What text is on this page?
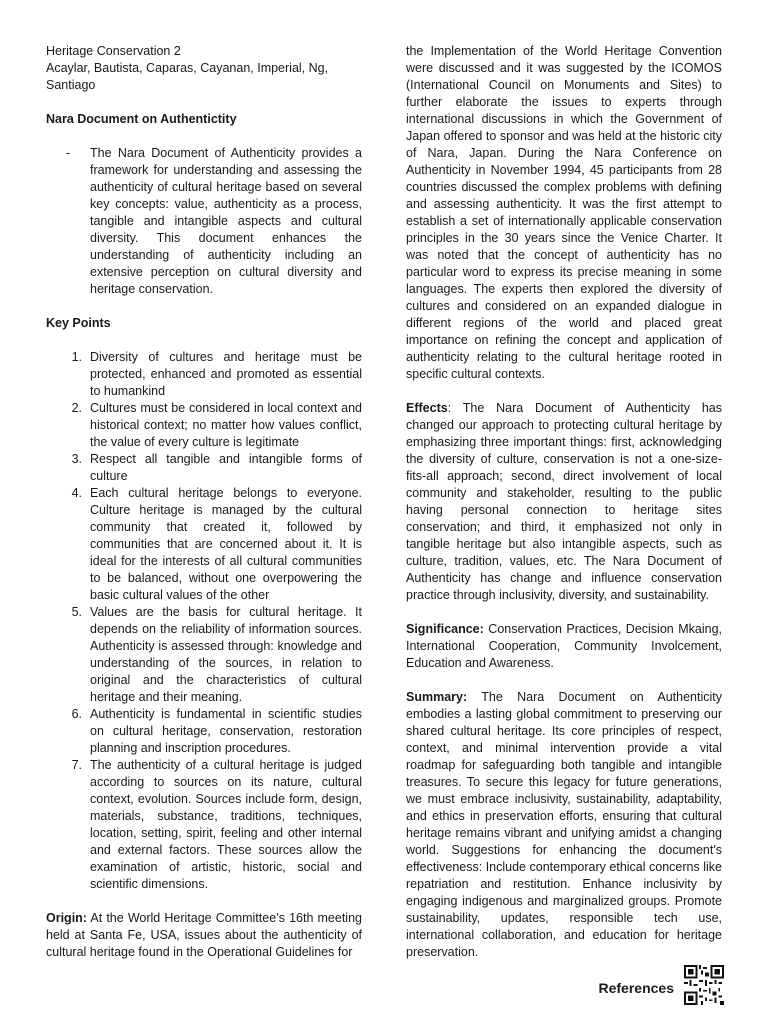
Heritage Conservation 2

Acaylar, Bautista, Caparas, Cayanan, Imperial, Ng, Santiago

Nara Document on Authentictity

-	The Nara Document of Authenticity provides a framework for understanding and assessing the authenticity of cultural heritage based on several key concepts: value, authenticity as a process, tangible and intangible aspects and cultural diversity. This document enhances the understanding of authenticity including an extensive perception on cultural diversity and heritage conservation.

Key Points

1. Diversity of cultures and heritage must be protected, enhanced and promoted as essential to humankind
2. Cultures must be considered in local context and historical context; no matter how values conflict, the value of every culture is legitimate
3. Respect all tangible and intangible forms of culture
4. Each cultural heritage belongs to everyone. Culture heritage is managed by the cultural community that created it, followed by communities that are concerned about it. It is ideal for the interests of all cultural communities to be balanced, without one overpowering the basic cultural values of the other
5. Values are the basis for cultural heritage. It depends on the reliability of information sources. Authenticity is assessed through: knowledge and understanding of the sources, in relation to original and the characteristics of cultural heritage and their meaning.
6. Authenticity is fundamental in scientific studies on cultural heritage, conservation, restoration planning and inscription procedures.
7. The authenticity of a cultural heritage is judged according to sources on its nature, cultural context, evolution. Sources include form, design, materials, substance, traditions, techniques, location, setting, spirit, feeling and other internal and external factors. These sources allow the examination of artistic, historic, social and scientific dimensions.

Origin: At the World Heritage Committee’s 16th meeting held at Santa Fe, USA, issues about the authenticity of cultural heritage found in the Operational Guidelines for

the Implementation of the World Heritage Convention were discussed and it was suggested by the ICOMOS (International Council on Monuments and Sites) to further elaborate the issues to experts through international discussions in which the Government of Japan offered to sponsor and was held at the historic city of Nara, Japan. During the Nara Conference on Authenticity in November 1994, 45 participants from 28 countries discussed the complex problems with defining and assessing authenticity. It was the first attempt to establish a set of internationally applicable conservation principles in the 30 years since the Venice Charter. It was noted that the concept of authenticity has no particular word to express its precise meaning in some languages. The experts then explored the diversity of cultures and considered on an expanded dialogue in different regions of the world and placed great importance on refining the concept and application of authenticity relating to the cultural heritage rooted in specific cultural contexts.

Effects: The Nara Document of Authenticity has changed our approach to protecting cultural heritage by emphasizing three important things: first, acknowledging the diversity of culture, conservation is not a one-size-fits-all approach; second, direct involvement of local community and stakeholder, resulting to the public having personal connection to heritage sites conservation; and third, it emphasized not only in tangible heritage but also intangible aspects, such as culture, tradition, values, etc. The Nara Document of Authenticity has change and influence conservation practice through inclusivity, diversity, and sustainability.

Significance: Conservation Practices, Decision Mkaing, International Cooperation, Community Involcement, Education and Awareness.

Summary: The Nara Document on Authenticity embodies a lasting global commitment to preserving our shared cultural heritage. Its core principles of respect, context, and minimal intervention provide a vital roadmap for safeguarding both tangible and intangible treasures. To secure this legacy for future generations, we must embrace inclusivity, sustainability, adaptability, and ethics in preservation efforts, ensuring that cultural heritage remains vibrant and unifying amidst a changing world. Suggestions for enhancing the document's effectiveness: Include contemporary ethical concerns like repatriation and restitution. Enhance inclusivity by engaging indigenous and marginalized groups. Promote sustainability, updates, responsible tech use, international collaboration, and education for heritage preservation.

References
